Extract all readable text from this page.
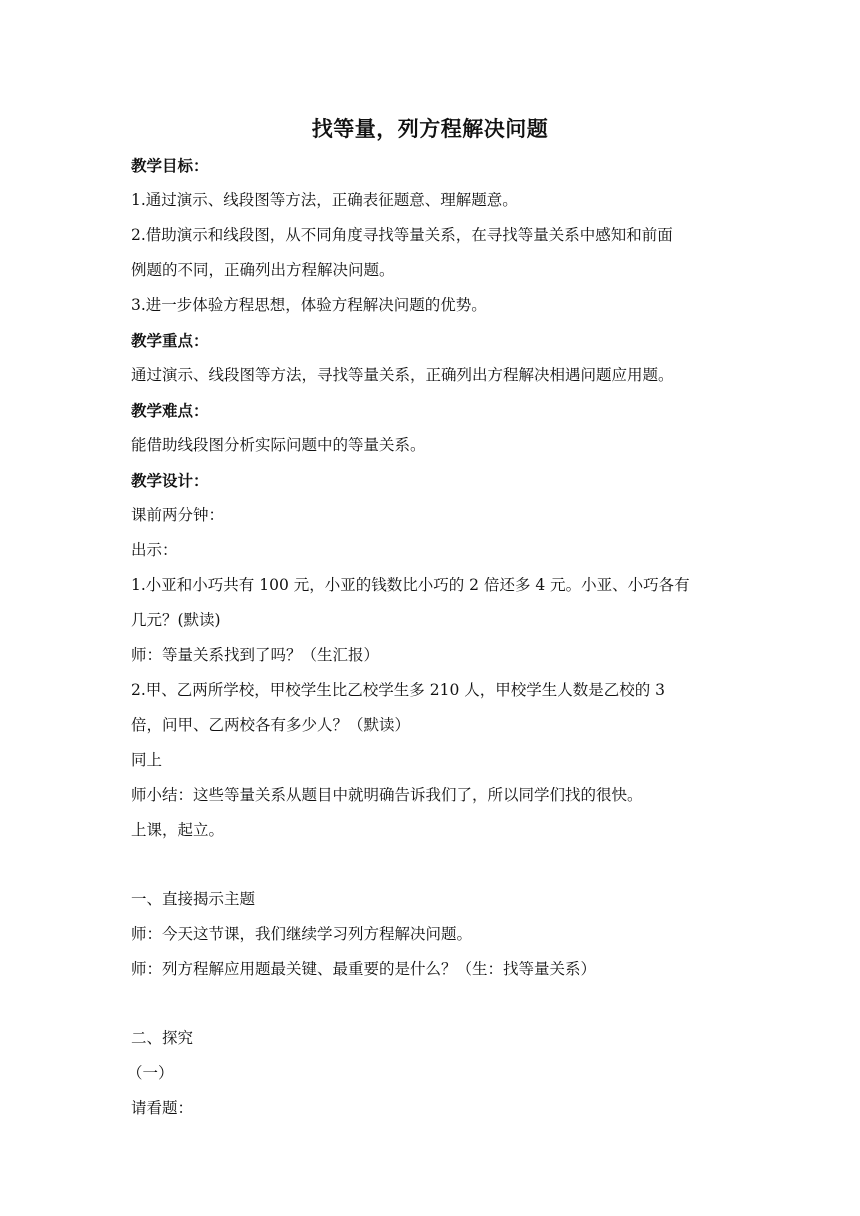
找等量，列方程解决问题
教学目标：
1.通过演示、线段图等方法，正确表征题意、理解题意。
2.借助演示和线段图，从不同角度寻找等量关系，在寻找等量关系中感知和前面
例题的不同，正确列出方程解决问题。
3.进一步体验方程思想，体验方程解决问题的优势。
教学重点：
通过演示、线段图等方法，寻找等量关系，正确列出方程解决相遇问题应用题。
教学难点：
能借助线段图分析实际问题中的等量关系。
教学设计：
课前两分钟：
出示：
1.小亚和小巧共有 100 元，小亚的钱数比小巧的 2 倍还多 4 元。小亚、小巧各有
几元？(默读)
师：等量关系找到了吗？（生汇报）
2.甲、乙两所学校，甲校学生比乙校学生多 210 人，甲校学生人数是乙校的 3
倍，问甲、乙两校各有多少人？（默读）
同上
师小结：这些等量关系从题目中就明确告诉我们了，所以同学们找的很快。
上课，起立。
一、直接揭示主题
师：今天这节课，我们继续学习列方程解决问题。
师：列方程解应用题最关键、最重要的是什么？（生：找等量关系）
二、探究
（一）
请看题：
